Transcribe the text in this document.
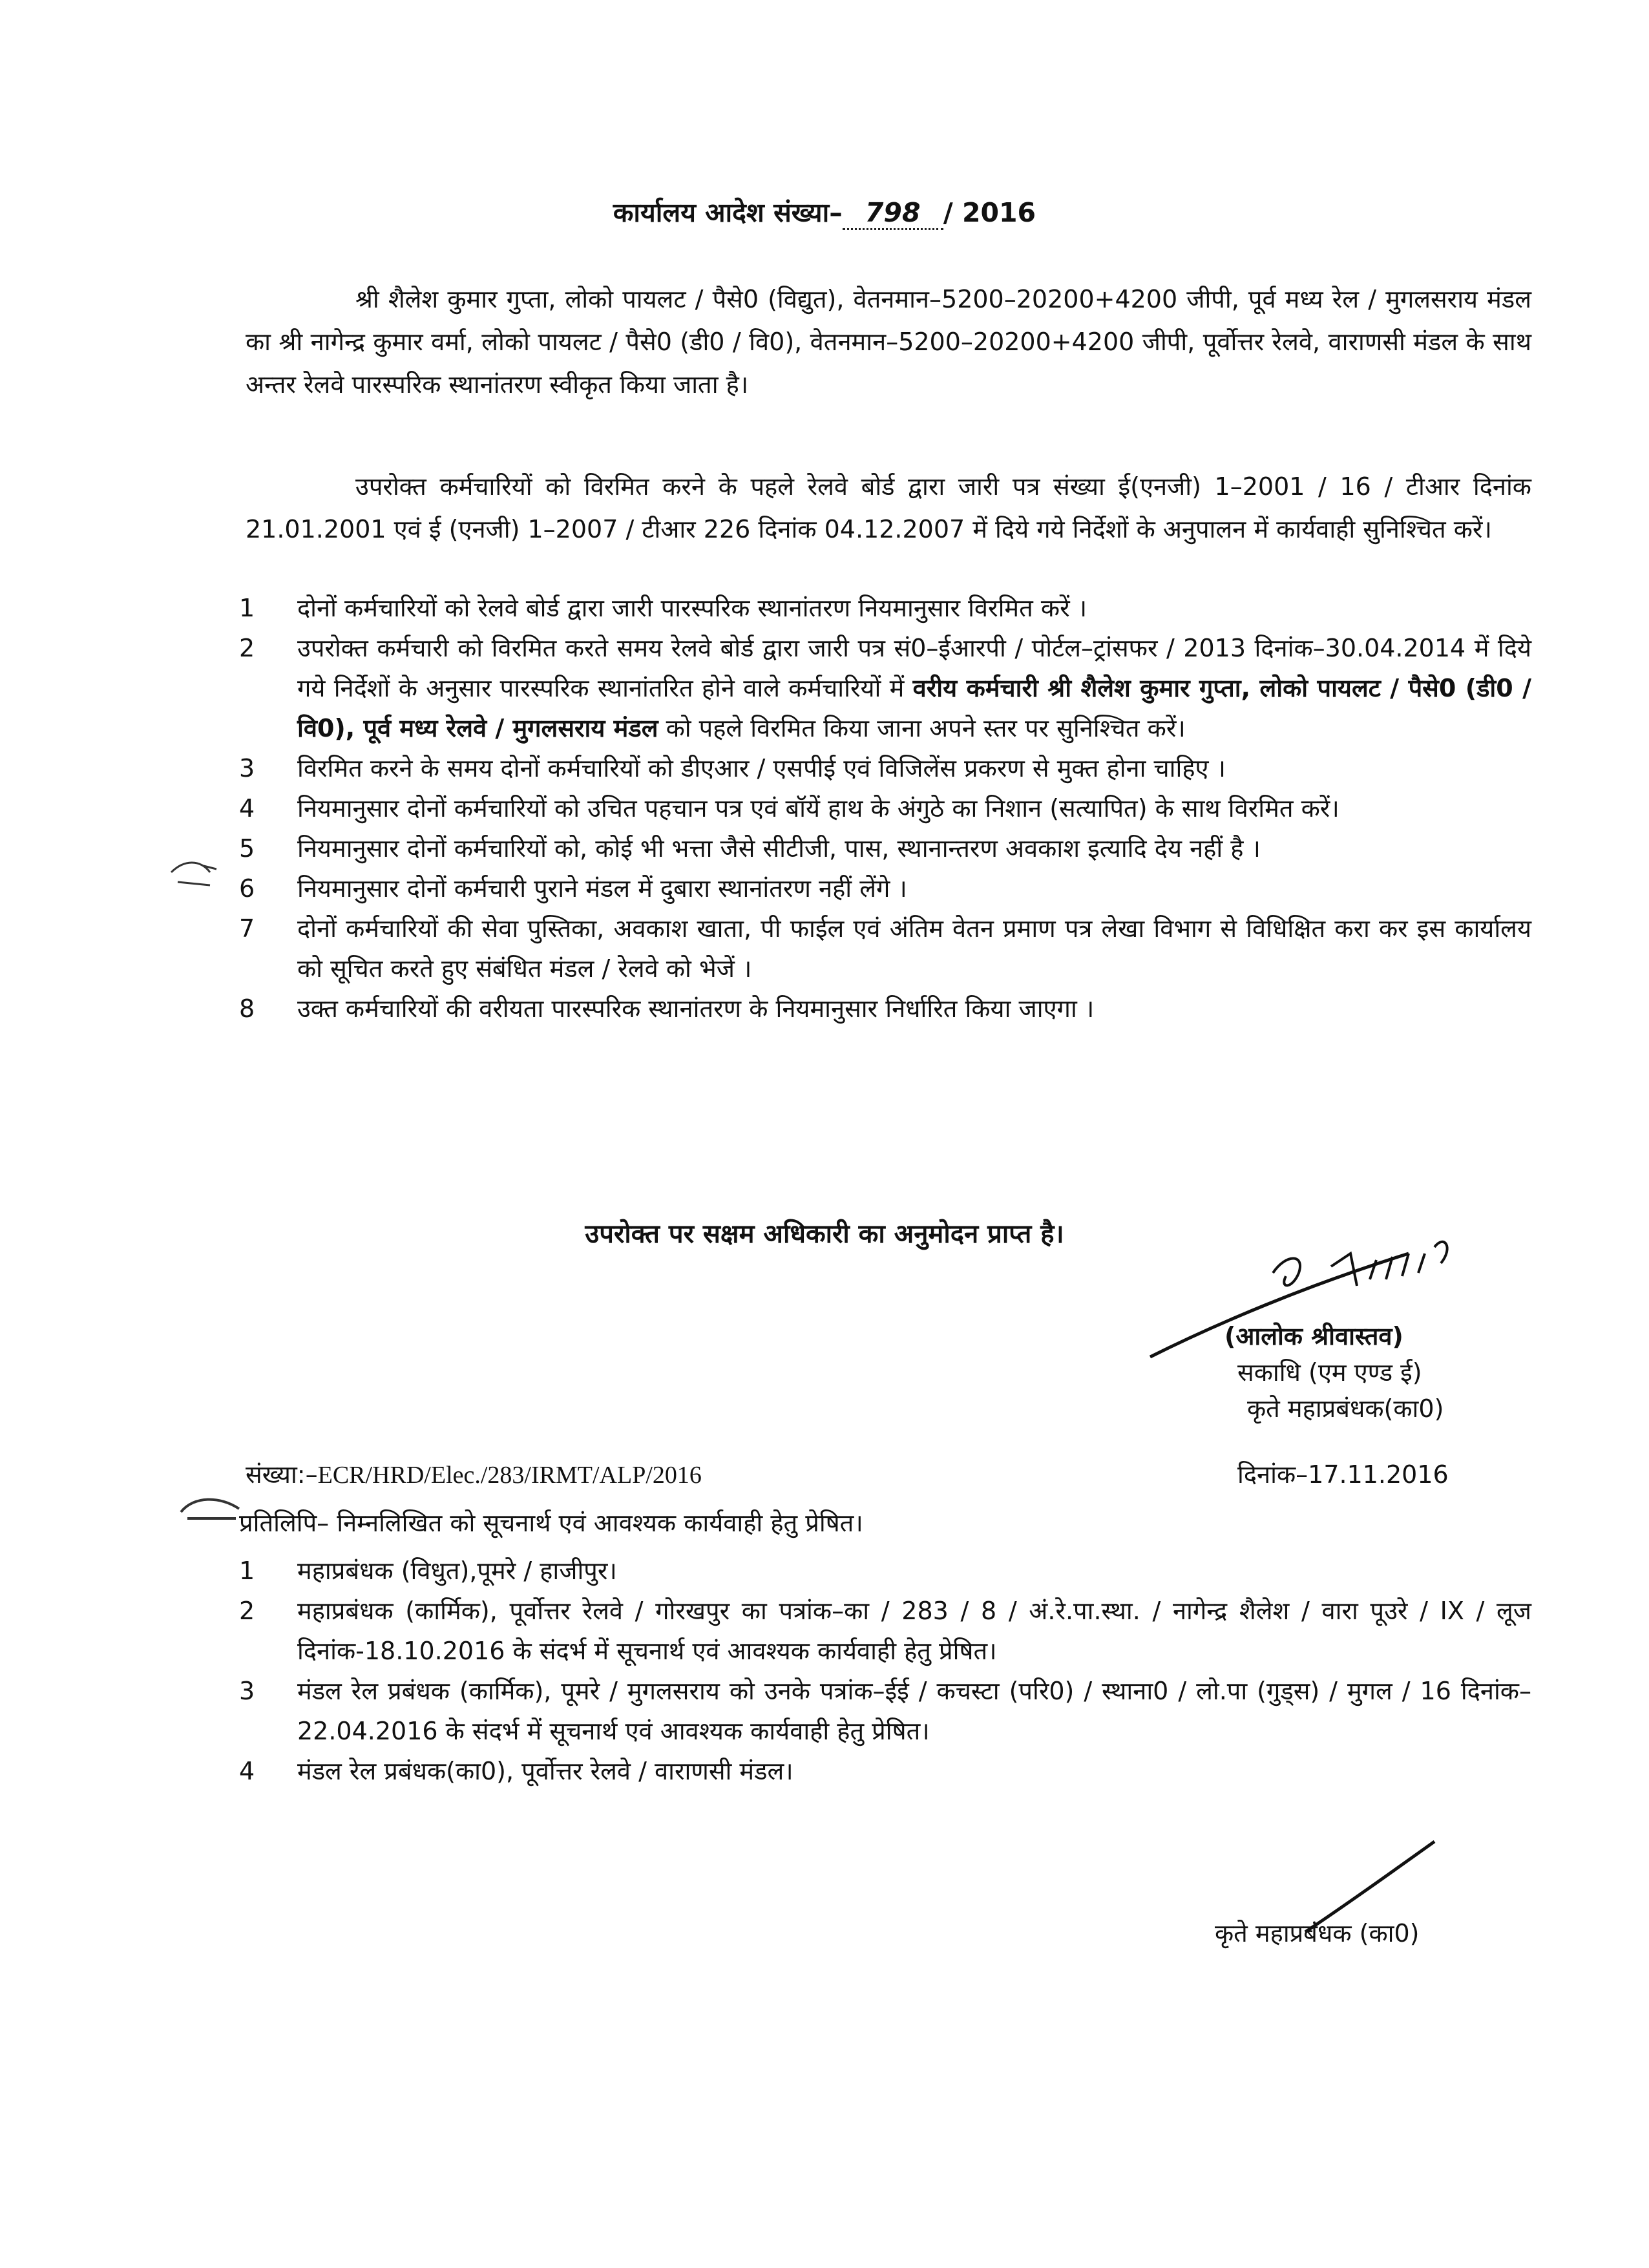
कार्यालय आदेश संख्या– 798 / 2016

श्री शैलेश कुमार गुप्ता, लोको पायलट / पैसे0 (विद्युत), वेतनमान–5200–20200+4200 जीपी, पूर्व मध्य रेल / मुगलसराय मंडल का श्री नागेन्द्र कुमार वर्मा, लोको पायलट / पैसे0 (डी0 / वि0), वेतनमान–5200–20200+4200 जीपी, पूर्वोत्तर रेलवे, वाराणसी मंडल के साथ अन्तर रेलवे पारस्परिक स्थानांतरण स्वीकृत किया जाता है।

उपरोक्त कर्मचारियों को विरमित करने के पहले रेलवे बोर्ड द्वारा जारी पत्र संख्या ई(एनजी) 1–2001 / 16 / टीआर दिनांक 21.01.2001 एवं ई (एनजी) 1–2007 / टीआर 226 दिनांक 04.12.2007 में दिये गये निर्देशों के अनुपालन में कार्यवाही सुनिश्चित करें।

1	दोनों कर्मचारियों को रेलवे बोर्ड द्वारा जारी पारस्परिक स्थानांतरण नियमानुसार विरमित करें ।
2	उपरोक्त कर्मचारी को विरमित करते समय रेलवे बोर्ड द्वारा जारी पत्र सं0–ईआरपी / पोर्टल–ट्रांसफर / 2013 दिनांक–30.04.2014 में दिये गये निर्देशों के अनुसार पारस्परिक स्थानांतरित होने वाले कर्मचारियों में वरीय कर्मचारी श्री शैलेश कुमार गुप्ता, लोको पायलट / पैसे0 (डी0 / वि0), पूर्व मध्य रेलवे / मुगलसराय मंडल को पहले विरमित किया जाना अपने स्तर पर सुनिश्चित करें।
3	विरमित करने के समय दोनों कर्मचारियों को डीएआर / एसपीई एवं विजिलेंस प्रकरण से मुक्त होना चाहिए ।
4	नियमानुसार दोनों कर्मचारियों को उचित पहचान पत्र एवं बॉयें हाथ के अंगुठे का निशान (सत्यापित) के साथ विरमित करें।
5	नियमानुसार दोनों कर्मचारियों को, कोई भी भत्ता जैसे सीटीजी, पास, स्थानान्तरण अवकाश इत्यादि देय नहीं है ।
6	नियमानुसार दोनों कर्मचारी पुराने मंडल में दुबारा स्थानांतरण नहीं लेंगे ।
7	दोनों कर्मचारियों की सेवा पुस्तिका, अवकाश खाता, पी फाईल एवं अंतिम वेतन प्रमाण पत्र लेखा विभाग से विधिक्षित करा कर इस कार्यालय को सूचित करते हुए संबंधित मंडल / रेलवे को भेजें ।
8	उक्त कर्मचारियों की वरीयता पारस्परिक स्थानांतरण के नियमानुसार निर्धारित किया जाएगा ।
उपरोक्त पर सक्षम अधिकारी का अनुमोदन प्राप्त है।
(आलोक श्रीवास्तव)
सकाधि (एम एण्ड ई)
कृते महाप्रबंधक(का0)
संख्या:–ECR/HRD/Elec./283/IRMT/ALP/2016	दिनांक–17.11.2016
प्रतिलिपि– निम्नलिखित को सूचनार्थ एवं आवश्यक कार्यवाही हेतु प्रेषित।
1	महाप्रबंधक (विधुत),पूमरे / हाजीपुर।
2	महाप्रबंधक (कार्मिक), पूर्वोत्तर रेलवे / गोरखपुर का पत्रांक–का / 283 / 8 / अं.रे.पा.स्था. / नागेन्द्र शैलेश / वारा पूउरे / IX / लूज दिनांक-18.10.2016 के संदर्भ में सूचनार्थ एवं आवश्यक कार्यवाही हेतु प्रेषित।
3	मंडल रेल प्रबंधक (कार्मिक), पूमरे / मुगलसराय को उनके पत्रांक–ईई / कचस्टा (परि0) / स्थाना0 / लो.पा (गुड्स) / मुगल / 16 दिनांक–22.04.2016 के संदर्भ में सूचनार्थ एवं आवश्यक कार्यवाही हेतु प्रेषित।
4	मंडल रेल प्रबंधक(का0), पूर्वोत्तर रेलवे / वाराणसी मंडल।
कृते महाप्रबंधक (का0)
